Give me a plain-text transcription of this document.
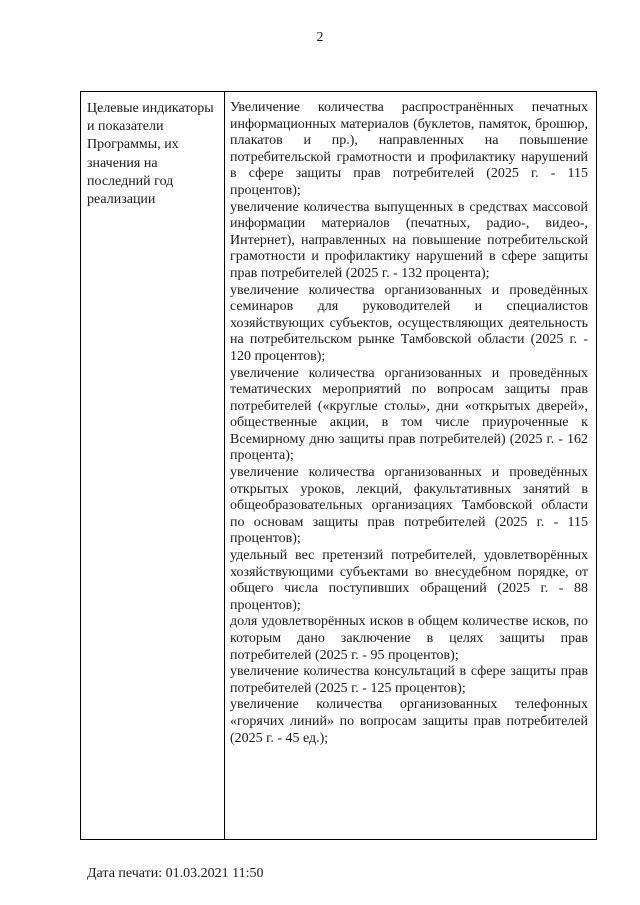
2
Целевые индикаторы и показатели Программы, их значения на последний год реализации

Увеличение количества распространённых печатных информационных материалов (буклетов, памяток, брошюр, плакатов и пр.), направленных на повышение потребительской грамотности и профилактику нарушений в сфере защиты прав потребителей (2025 г. - 115 процентов);

увеличение количества выпущенных в средствах массовой информации материалов (печатных, радио-, видео-, Интернет), направленных на повышение потребительской грамотности и профилактику нарушений в сфере защиты прав потребителей (2025 г. - 132 процента);

увеличение количества организованных и проведённых семинаров для руководителей и специалистов хозяйствующих субъектов, осуществляющих деятельность на потребительском рынке Тамбовской области (2025 г. - 120 процентов);

увеличение количества организованных и проведённых тематических мероприятий по вопросам защиты прав потребителей («круглые столы», дни «открытых дверей», общественные акции, в том числе приуроченные к Всемирному дню защиты прав потребителей) (2025 г. - 162 процента);

увеличение количества организованных и проведённых открытых уроков, лекций, факультативных занятий в общеобразовательных организациях Тамбовской области по основам защиты прав потребителей (2025 г. - 115 процентов);

удельный вес претензий потребителей, удовлетворённых хозяйствующими субъектами во внесудебном порядке, от общего числа поступивших обращений (2025 г. - 88 процентов);

доля удовлетворённых исков в общем количестве исков, по которым дано заключение в целях защиты прав потребителей (2025 г. - 95 процентов);

увеличение количества консультаций в сфере защиты прав потребителей (2025 г. - 125 процентов);

увеличение количества организованных телефонных «горячих линий» по вопросам защиты прав потребителей (2025 г. - 45 ед.);

Дата печати: 01.03.2021 11:50
